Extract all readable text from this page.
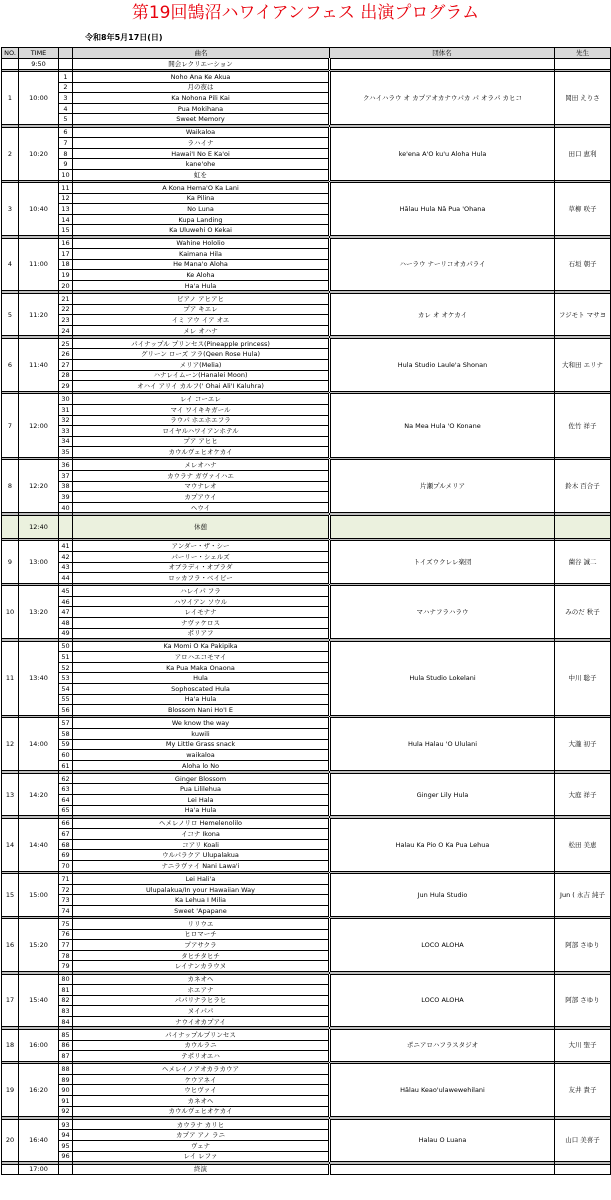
第19回鵠沼ハワイアンフェス 出演プログラム
令和8年5月17日(日)
NO.	TIME		曲名	団体名	先生
	9:50		開会レクリエーション		

1	10:00	1	Noho Ana Ke Akua	クハイハラウ オ カプアオカナウパカ パ オラパ カヒコ	岡田 えりさ
		2	月の夜は		
		3	Ka Nohona Pili Kai		
		4	Pua Mokihana		
		5	Sweet Memory		

2	10:20	6	Waikaloa	ke'ena A'O ku'u Aloha Hula	田口 恵利
		7	ラハイナ		
		8	Hawai'I No E Ka'oi		
		9	kane'ohe		
		10	虹を		

3	10:40	11	A Kona Hema'O Ka Lani	Hālau Hula Nā Pua 'Ohana	草柳 咲子
		12	Ka Pilina		
		13	No Luna		
		14	Kupa Landing		
		15	Ka Uluwehi O Kekai		

4	11:00	16	Wahine Hololio	ハーラウ ナーリコオカパライ	石垣 朝子
		17	Kaimana Hila		
		18	He Mana'o Aloha		
		19	Ke Aloha		
		20	Ha'a Hula		

5	11:20	21	ピアノ アヒアヒ	カレ オ オケカイ	フジモト マサヨ
		22	プア キエレ		
		23	イミ アウ イア オエ		
		24	メレ オハナ		

6	11:40	25	パイナップル プリンセス(Pineapple princess)	Hula Studio Laule'a Shonan	大和田 エリナ
		26	グリーン ローズ フラ(Qeen Rose Hula)		
		27	メリア(Melia)		
		28	ハナレイムーン(Hanalei Moon)		
		29	オハイ アリイ カルフ(' Ohai Ali'I Kaluhra)		

7	12:00	30	レイ コーエレ	Na Mea Hula 'O Konane	佐竹 祥子
		31	マイ ワイキキガール		
		32	ラウパ ホエホエフラ		
		33	ロイヤルハワイアンホテル		
		34	プア アヒヒ		
		35	カウルヴェヒオケカイ		

8	12:20	36	メレオハナ	片瀬プルメリア	鈴木 百合子
		37	カウラナ ガヴァイハエ		
		38	マウナレオ		
		39	カプアウイ		
		40	ヘウイ		

	12:40		休憩		

9	13:00	41	アンダー・ザ・シー	トイズウクレレ楽団	薗谷 誠二
		42	パーリー・シェルズ		
		43	オブラディ・オブラダ		
		44	ロッカフラ・ベイビー		

10	13:20	45	ハレイパ フラ	マハナフラハラウ	みのだ 秋子
		46	ハワイアン ソウル		
		47	レイモナナ		
		48	ナヴァケロス		
		49	ポリアフ		

11	13:40	50	Ka Momi O Ka Pakipika	Hula Studio Lokelani	中川 聡子
		51	アロハエコモマイ		
		52	Ka Pua Maka Onaona		
		53	Hula		
		54	Sophoscated Hula		
		55	Ha'a Hula		
		56	Blossom Nani Ho'I E		

12	14:00	57	We know the way	Hula Halau 'O Ululani	大瀧 初子
		58	kuwili		
		59	My Little Grass snack		
		60	waikaloa		
		61	Aloha lo No		

13	14:20	62	Ginger Blossom	Ginger Lily Hula	大庭 祥子
		63	Pua Lililehua		
		64	Lei Hala		
		65	Ha'a Hula		

14	14:40	66	ヘメレノリロ Hemelenolilo	Halau Ka Pio O Ka Pua Lehua	松田 美恵
		67	イコナ Ikona		
		68	コアリ Koali		
		69	ウルパラクア Ulupalakua		
		70	ナニラヴァイ Nani Lawa'i		

15	15:00	71	Lei Hali'a	Jun Hula Studio	Jun ( 永吉 純子
		72	Ulupalakua/In your Hawaiian Way		
		73	Ka Lehua I Milia		
		74	Sweet 'Apapane		

16	15:20	75	リリウエ	LOCO ALOHA	阿部 さゆり
		76	ヒロマーチ		
		77	プアサクラ		
		78	タヒチタヒチ		
		79	レイナンカラウヌ		

17	15:40	80	カネオヘ	LOCO ALOHA	阿部 さゆり
		81	ホエアナ		
		82	パパリナラヒラヒ		
		83	ヌイパパ		
		84	ナウイオカプアイ		

18	16:00	85	パイナップルプリンセス	ポニアロハフラスタジオ	大川 聖子
		86	カウルラニ		
		87	テポリオエハ		

19	16:20	88	ヘメレイノアオカラカウア	Hālau Keao'ulawewehilani	友井 貴子
		89	ケウアネイ		
		90	ウヒヴァイ		
		91	カネオヘ		
		92	カウルヴェヒオケカイ		

20	16:40	93	カウラナ カリヒ	Halau O Luana	山口 美喜子
		94	カプア アノ ラニ		
		95	ヴェナ		
		96	レイ レファ		

	17:00		終演		
